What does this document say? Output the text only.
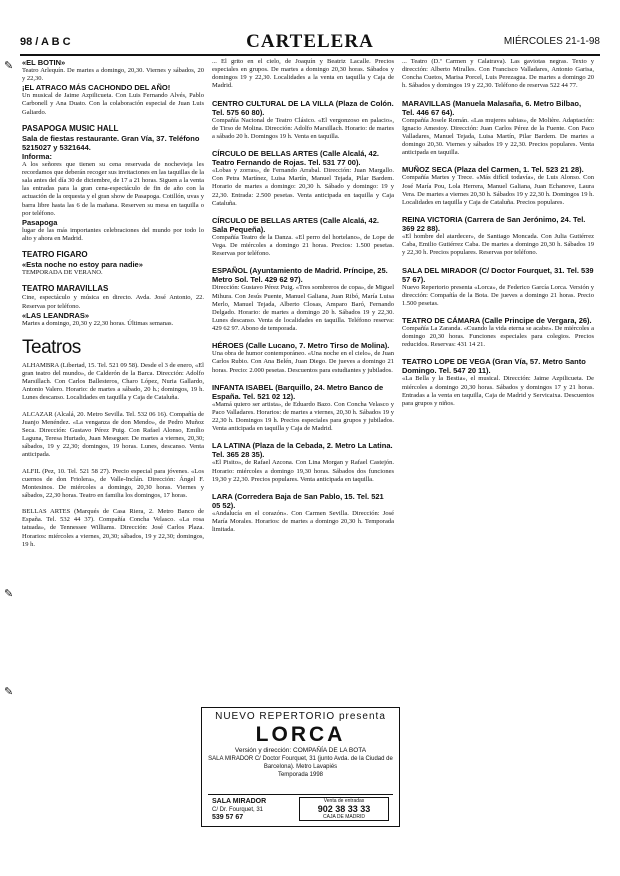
98 / A B C	CARTELERA	MIÉRCOLES 21-1-98

«EL BOTIN»

Teatro Arlequín. De martes a domingo, 20,30. Viernes y sábados, 20 y 22,30.

¡EL ATRACO MÁS CACHONDO DEL AÑO!

Un musical de Jaime Azpilicueta. Con Luis Fernando Alvés, Pablo Carbonell y Ana Duato. Con la colaboración especial de Juan Luis Galiardo.

PASAPOGA MUSIC HALL

Sala de fiestas restaurante. Gran Vía, 37. Teléfono 5215027 y 5321644.

Informa:

A los señores que tienen su cena reservada de nochevieja les recordamos que deberán recoger sus invitaciones en las taquillas de la sala antes del día 30 de diciembre, de 17 a 21 horas. Siguen a la venta las entradas para la gran cena-espectáculo de fin de año con la actuación de la orquesta y el gran show de Pasapoga. Cotillón, uvas y barra libre hasta las 6 de la mañana. Reserven su mesa en taquilla o por teléfono.

Pasapoga

lugar de las más importantes celebraciones del mundo por todo lo alto y ahora en Madrid.

TEATRO FIGARO

«Esta noche no estoy para nadie»

TEMPORADA DE VERANO.

TEATRO MARAVILLAS

Cine, espectáculo y música en directo. Avda. José Antonio, 22. Reservas por teléfono.

«LAS LEANDRAS»

Martes a domingo, 20,30 y 22,30 horas. Últimas semanas.

Teatros

ALHAMBRA (Libertad, 15. Tel. 521 09 58). Desde el 3 de enero, «El gran teatro del mundo», de Calderón de la Barca. Dirección: Adolfo Marsillach. Con Carlos Ballesteros, Charo López, Nuria Gallardo, Antonio Valero. Horario: de martes a sábado, 20 h.; domingos, 19 h. Lunes descanso. Localidades en taquilla y Caja de Cataluña.

ALCAZAR (Alcalá, 20. Metro Sevilla. Tel. 532 06 16). Compañía de Juanjo Menéndez. «La venganza de don Mendo», de Pedro Muñoz Seca. Dirección: Gustavo Pérez Puig. Con Rafael Alonso, Emilio Laguna, Teresa Hurtado, Juan Meseguer. De martes a viernes, 20,30; sábados, 19 y 22,30; domingos, 19 horas. Lunes, descanso. Venta anticipada.

ALFIL (Pez, 10. Tel. 521 58 27). Precio especial para jóvenes. «Los cuernos de don Friolera», de Valle-Inclán. Dirección: Ángel F. Montesinos. De miércoles a domingo, 20,30 horas. Viernes y sábados, 22,30 horas. Teatro en familia los domingos, 17 horas.

BELLAS ARTES (Marqués de Casa Riera, 2. Metro Banco de España. Tel. 532 44 37). Compañía Concha Velasco. «La rosa tatuada», de Tennessee Williams. Dirección: José Carlos Plaza. Horarios: miércoles a viernes, 20,30; sábados, 19 y 22,30; domingos, 19 h.

... El grito en el cielo, de Joaquín y Beatriz Lacalle. Precios especiales en grupos. De martes a domingo 20,30 horas. Sábados y domingos 19 y 22,30. Localidades a la venta en taquilla y Caja de Madrid.

CENTRO CULTURAL DE LA VILLA (Plaza de Colón. Tel. 575 60 80).

Compañía Nacional de Teatro Clásico. «El vergonzoso en palacio», de Tirso de Molina. Dirección: Adolfo Marsillach. Horario: de martes a sábado 20 h. Domingos 19 h. Venta en taquilla.

CÍRCULO DE BELLAS ARTES (Calle Alcalá, 42. Teatro Fernando de Rojas. Tel. 531 77 00).

«Lobas y zorras», de Fernando Arrabal. Dirección: Juan Margallo. Con Petra Martínez, Luisa Martín, Manuel Tejada, Pilar Bardem. Horario de martes a domingo: 20,30 h. Sábado y domingo: 19 y 22,30. Entrada: 2.500 pesetas. Venta anticipada en taquilla y Caja Cataluña.

CÍRCULO DE BELLAS ARTES (Calle Alcalá, 42. Sala Pequeña).

Compañía Teatro de la Danza. «El perro del hortelano», de Lope de Vega. De miércoles a domingo 21 horas. Precios: 1.500 pesetas. Reservas por teléfono.

ESPAÑOL (Ayuntamiento de Madrid. Príncipe, 25. Metro Sol. Tel. 429 62 97).

Dirección: Gustavo Pérez Puig. «Tres sombreros de copa», de Miguel Mihura. Con Jesús Puente, Manuel Galiana, Juan Ribó, María Luisa Merlo, Manuel Tejada, Alberto Closas, Amparo Baró, Fernando Delgado. Horario: de martes a domingo 20 h. Sábados 19 y 22,30. Lunes descanso. Venta de localidades en taquilla. Teléfono reserva: 429 62 97. Abono de temporada.

HÉROES (Calle Lucano, 7. Metro Tirso de Molina).

Una obra de humor contemporáneo. «Una noche en el cielo», de Juan Carlos Rubio. Con Ana Belén, Juan Diego. De jueves a domingo 21 horas. Precio: 2.000 pesetas. Descuentos para estudiantes y jubilados.

INFANTA ISABEL (Barquillo, 24. Metro Banco de España. Tel. 521 02 12).

«Mamá quiero ser artista», de Eduardo Bazo. Con Concha Velasco y Paco Valladares. Horarios: de martes a viernes, 20,30 h. Sábados 19 y 22,30 h. Domingos 19 h. Precios especiales para grupos y jubilados. Venta anticipada en taquilla y Caja de Madrid.

LA LATINA (Plaza de la Cebada, 2. Metro La Latina. Tel. 365 28 35).

«El Pisito», de Rafael Azcona. Con Lina Morgan y Rafael Castejón. Horario: miércoles a domingo 19,30 horas. Sábados dos funciones 19,30 y 22,30. Precios populares. Venta anticipada en taquilla.

LARA (Corredera Baja de San Pablo, 15. Tel. 521 05 52).

«Andalucía en el corazón». Con Carmen Sevilla. Dirección: José María Morales. Horarios: de martes a domingo 20,30 h. Temporada limitada.

NUEVO REPERTORIO presenta
LORCA
Versión y dirección: COMPAÑÍA DE LA BOTA
SALA MIRADOR C/ Doctor Fourquet, 31 (junto Avda. de la Ciudad de Barcelona). Metro Lavapiés
Temporada 1998
SALA MIRADOR
C/ Dr. Fourquet, 31
539 57 67
Venta de entradas
902 38 33 33
CAJA DE MADRID

... Teatro (D.ª Carmen y Calatrava). Las gaviotas negras. Texto y dirección: Alberto Miralles. Con Francisco Valladares, Antonio Garisa, Concha Cuetos, Marisa Porcel, Luis Perezagua. De martes a domingo 20 h. Sábados y domingos 19 y 22,30. Teléfono de reservas 522 44 77.

MARAVILLAS (Manuela Malasaña, 6. Metro Bilbao, Tel. 446 67 64).

Compañía Josele Román. «Las mujeres sabias», de Molière. Adaptación: Ignacio Amestoy. Dirección: Juan Carlos Pérez de la Fuente. Con Paco Valladares, Manuel Tejada, Luisa Martín, Pilar Bardem. De martes a domingo 20,30. Viernes y sábados 19 y 22,30. Precios populares. Venta anticipada en taquilla.

MUÑOZ SECA (Plaza del Carmen, 1. Tel. 523 21 28).

Compañía Martes y Trece. «Más difícil todavía», de Luis Alonso. Con José María Pou, Lola Herrera, Manuel Galiana, Juan Echanove, Laura Vera. De martes a viernes 20,30 h. Sábados 19 y 22,30 h. Domingos 19 h. Localidades en taquilla y Caja de Cataluña. Precios populares.

REINA VICTORIA (Carrera de San Jerónimo, 24. Tel. 369 22 88).

«El hombre del atardecer», de Santiago Moncada. Con Julia Gutiérrez Caba, Emilio Gutiérrez Caba. De martes a domingo 20,30 h. Sábados 19 y 22,30 h. Precios populares. Reservas por teléfono.

SALA DEL MIRADOR (C/ Doctor Fourquet, 31. Tel. 539 57 67).

Nuevo Repertorio presenta «Lorca», de Federico García Lorca. Versión y dirección: Compañía de la Bota. De jueves a domingo 21 horas. Precio 1.500 pesetas.

TEATRO DE CÁMARA (Calle Principe de Vergara, 26).

Compañía La Zaranda. «Cuando la vida eterna se acabe». De miércoles a domingo 20,30 horas. Funciones especiales para colegios. Precios reducidos. Reservas: 431 14 21.

TEATRO LOPE DE VEGA (Gran Vía, 57. Metro Santo Domingo. Tel. 547 20 11).

«La Bella y la Bestia», el musical. Dirección: Jaime Azpilicueta. De miércoles a domingo 20,30 horas. Sábados y domingos 17 y 21 horas. Entradas a la venta en taquilla, Caja de Madrid y Servicaixa. Descuentos para grupos y niños.

✎
✎
✎
